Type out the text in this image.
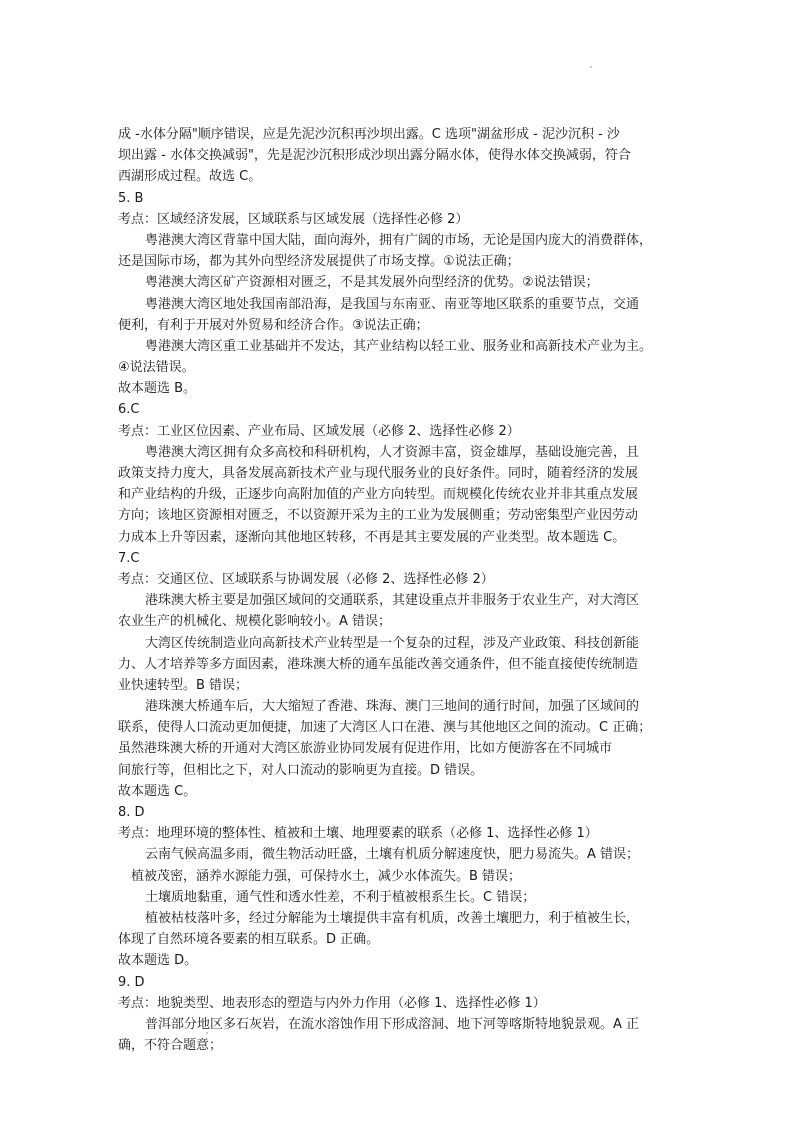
成 -水体分隔"顺序错误，应是先泥沙沉积再沙坝出露。C 选项"湖盆形成 - 泥沙沉积 - 沙
坝出露 - 水体交换减弱"，先是泥沙沉积形成沙坝出露分隔水体，使得水体交换减弱，符合
西湖形成过程。故选 C。
5. B
考点：区域经济发展，区域联系与区域发展（选择性必修 2）
粤港澳大湾区背靠中国大陆，面向海外，拥有广阔的市场，无论是国内庞大的消费群体，
还是国际市场，都为其外向型经济发展提供了市场支撑。①说法正确；
粤港澳大湾区矿产资源相对匮乏，不是其发展外向型经济的优势。②说法错误；
粤港澳大湾区地处我国南部沿海，是我国与东南亚、南亚等地区联系的重要节点，交通
便利，有利于开展对外贸易和经济合作。③说法正确；
粤港澳大湾区重工业基础并不发达，其产业结构以轻工业、服务业和高新技术产业为主。
④说法错误。
故本题选 B。
6.C
考点：工业区位因素、产业布局、区域发展（必修 2、选择性必修 2）
粤港澳大湾区拥有众多高校和科研机构，人才资源丰富，资金雄厚，基础设施完善，且
政策支持力度大，具备发展高新技术产业与现代服务业的良好条件。同时，随着经济的发展
和产业结构的升级，正逐步向高附加值的产业方向转型。而规模化传统农业并非其重点发展
方向；该地区资源相对匮乏，不以资源开采为主的工业为发展侧重；劳动密集型产业因劳动
力成本上升等因素，逐渐向其他地区转移，不再是其主要发展的产业类型。故本题选 C。
7.C
考点：交通区位、区域联系与协调发展（必修 2、选择性必修 2）
港珠澳大桥主要是加强区域间的交通联系，其建设重点并非服务于农业生产，对大湾区
农业生产的机械化、规模化影响较小。A 错误；
大湾区传统制造业向高新技术产业转型是一个复杂的过程，涉及产业政策、科技创新能
力、人才培养等多方面因素，港珠澳大桥的通车虽能改善交通条件，但不能直接使传统制造
业快速转型。B 错误；
港珠澳大桥通车后，大大缩短了香港、珠海、澳门三地间的通行时间，加强了区域间的
联系，使得人口流动更加便捷，加速了大湾区人口在港、澳与其他地区之间的流动。C 正确；
虽然港珠澳大桥的开通对大湾区旅游业协同发展有促进作用，比如方便游客在不同城市
间旅行等，但相比之下，对人口流动的影响更为直接。D 错误。
故本题选 C。
8. D
考点：地理环境的整体性、植被和土壤、地理要素的联系（必修 1、选择性必修 1）
云南气候高温多雨，微生物活动旺盛，土壤有机质分解速度快，肥力易流失。A 错误；
植被茂密，涵养水源能力强，可保持水土，减少水体流失。B 错误；
土壤质地黏重，通气性和透水性差，不利于植被根系生长。C 错误；
植被枯枝落叶多，经过分解能为土壤提供丰富有机质，改善土壤肥力，利于植被生长，
体现了自然环境各要素的相互联系。D 正确。
故本题选 D。
9. D
考点：地貌类型、地表形态的塑造与内外力作用（必修 1、选择性必修 1）
普洱部分地区多石灰岩，在流水溶蚀作用下形成溶洞、地下河等喀斯特地貌景观。A 正
确，不符合题意；
